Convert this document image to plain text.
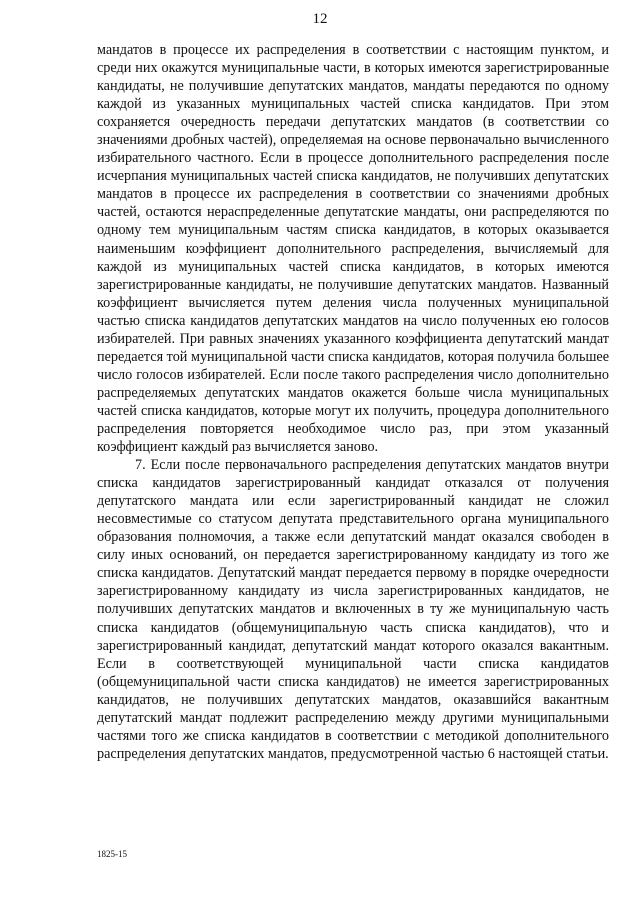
12

мандатов в процессе их распределения в соответствии с настоящим пунктом, и среди них окажутся муниципальные части, в которых имеются зарегистрированные кандидаты, не получившие депутатских мандатов, мандаты передаются по одному каждой из указанных муниципальных частей списка кандидатов. При этом сохраняется очередность передачи депутатских мандатов (в соответствии со значениями дробных частей), определяемая на основе первоначально вычисленного избирательного частного. Если в процессе дополнительного распределения после исчерпания муниципальных частей списка кандидатов, не получивших депутатских мандатов в процессе их распределения в соответствии со значениями дробных частей, остаются нераспределенные депутатские мандаты, они распределяются по одному тем муниципальным частям списка кандидатов, в которых оказывается наименьшим коэффициент дополнительного распределения, вычисляемый для каждой из муниципальных частей списка кандидатов, в которых имеются зарегистрированные кандидаты, не получившие депутатских мандатов. Названный коэффициент вычисляется путем деления числа полученных муниципальной частью списка кандидатов депутатских мандатов на число полученных ею голосов избирателей. При равных значениях указанного коэффициента депутатский мандат передается той муниципальной части списка кандидатов, которая получила большее число голосов избирателей. Если после такого распределения число дополнительно распределяемых депутатских мандатов окажется больше числа муниципальных частей списка кандидатов, которые могут их получить, процедура дополнительного распределения повторяется необходимое число раз, при этом указанный коэффициент каждый раз вычисляется заново.

7. Если после первоначального распределения депутатских мандатов внутри списка кандидатов зарегистрированный кандидат отказался от получения депутатского мандата или если зарегистрированный кандидат не сложил несовместимые со статусом депутата представительного органа муниципального образования полномочия, а также если депутатский мандат оказался свободен в силу иных оснований, он передается зарегистрированному кандидату из того же списка кандидатов. Депутатский мандат передается первому в порядке очередности зарегистрированному кандидату из числа зарегистрированных кандидатов, не получивших депутатских мандатов и включенных в ту же муниципальную часть списка кандидатов (общемуниципальную часть списка кандидатов), что и зарегистрированный кандидат, депутатский мандат которого оказался вакантным. Если в соответствующей муниципальной части списка кандидатов (общемуниципальной части списка кандидатов) не имеется зарегистрированных кандидатов, не получивших депутатских мандатов, оказавшийся вакантным депутатский мандат подлежит распределению между другими муниципальными частями того же списка кандидатов в соответствии с методикой дополнительного распределения депутатских мандатов, предусмотренной частью 6 настоящей статьи.

1825-15
